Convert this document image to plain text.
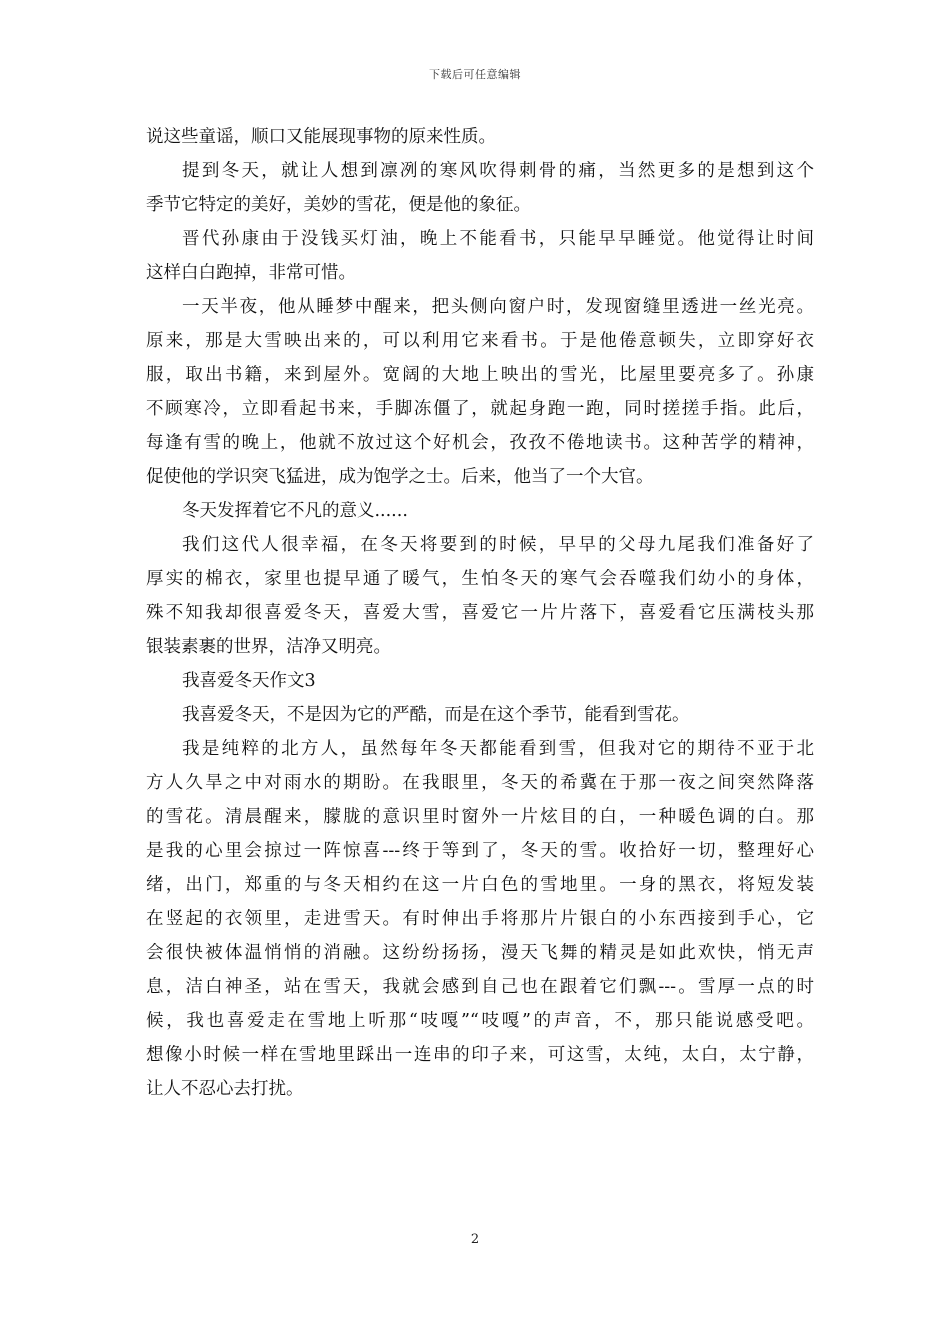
下载后可任意编辑
说这些童谣，顺口又能展现事物的原来性质。
提到冬天，就让人想到凛冽的寒风吹得刺骨的痛，当然更多的是想到这个
季节它特定的美好，美妙的雪花，便是他的象征。
晋代孙康由于没钱买灯油，晚上不能看书，只能早早睡觉。他觉得让时间
这样白白跑掉，非常可惜。
一天半夜，他从睡梦中醒来，把头侧向窗户时，发现窗缝里透进一丝光亮。
原来，那是大雪映出来的，可以利用它来看书。于是他倦意顿失，立即穿好衣
服，取出书籍，来到屋外。宽阔的大地上映出的雪光，比屋里要亮多了。孙康
不顾寒冷，立即看起书来，手脚冻僵了，就起身跑一跑，同时搓搓手指。此后，
每逢有雪的晚上，他就不放过这个好机会，孜孜不倦地读书。这种苦学的精神，
促使他的学识突飞猛进，成为饱学之士。后来，他当了一个大官。
冬天发挥着它不凡的意义......
我们这代人很幸福，在冬天将要到的时候，早早的父母九尾我们准备好了
厚实的棉衣，家里也提早通了暖气，生怕冬天的寒气会吞噬我们幼小的身体，
殊不知我却很喜爱冬天，喜爱大雪，喜爱它一片片落下，喜爱看它压满枝头那
银装素裹的世界，洁净又明亮。
我喜爱冬天作文3
我喜爱冬天，不是因为它的严酷，而是在这个季节，能看到雪花。
我是纯粹的北方人，虽然每年冬天都能看到雪，但我对它的期待不亚于北
方人久旱之中对雨水的期盼。在我眼里，冬天的希冀在于那一夜之间突然降落
的雪花。清晨醒来，朦胧的意识里时窗外一片炫目的白，一种暖色调的白。那
是我的心里会掠过一阵惊喜---终于等到了，冬天的雪。收拾好一切，整理好心
绪，出门，郑重的与冬天相约在这一片白色的雪地里。一身的黑衣，将短发装
在竖起的衣领里，走进雪天。有时伸出手将那片片银白的小东西接到手心，它
会很快被体温悄悄的消融。这纷纷扬扬，漫天飞舞的精灵是如此欢快，悄无声
息，洁白神圣，站在雪天，我就会感到自己也在跟着它们飘---。雪厚一点的时
候，我也喜爱走在雪地上听那“吱嘎”“吱嘎”的声音，不，那只能说感受吧。
想像小时候一样在雪地里踩出一连串的印子来，可这雪，太纯，太白，太宁静，
让人不忍心去打扰。
2
